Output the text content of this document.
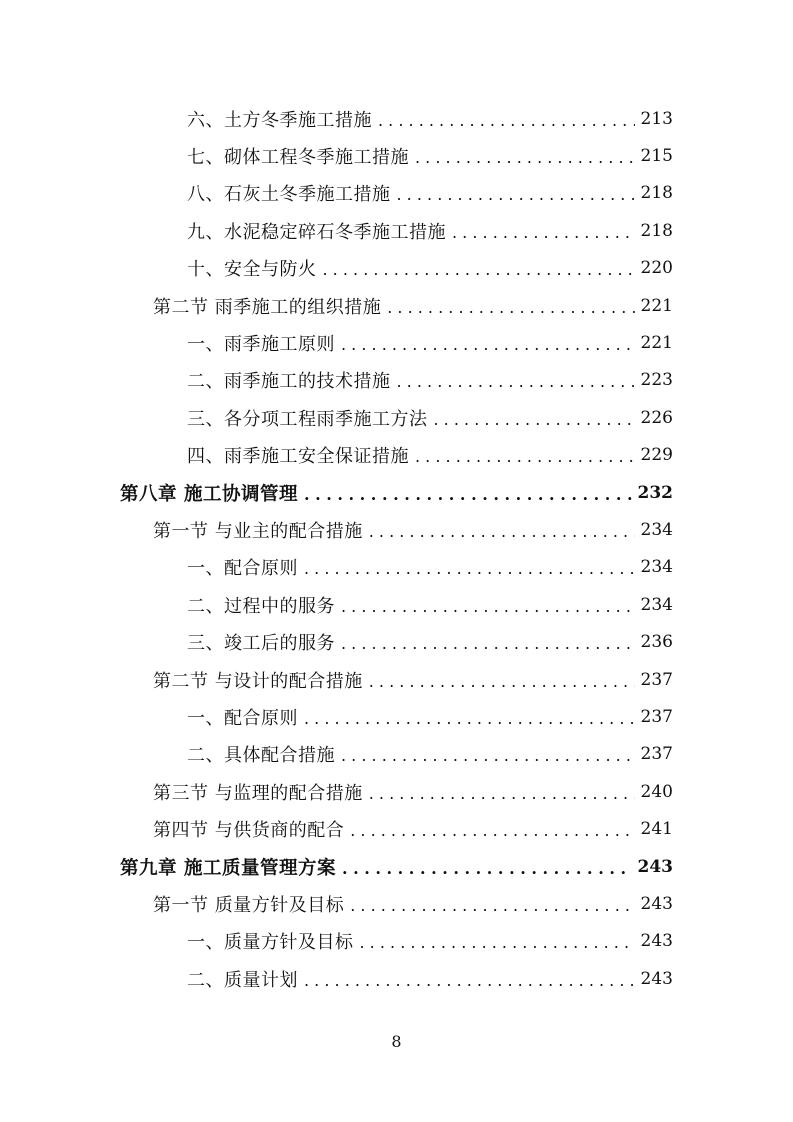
六、土方冬季施工措施 . . .	213
七、砌体工程冬季施工措施 . . .	215
八、石灰土冬季施工措施 . . .	218
九、水泥稳定碎石冬季施工措施 . . .	218
十、安全与防火 . . .	220
第二节 雨季施工的组织措施 . . .	221
一、雨季施工原则 . . .	221
二、雨季施工的技术措施 . . .	223
三、各分项工程雨季施工方法 . . .	226
四、雨季施工安全保证措施 . . .	229
第八章 施工协调管理 . . .	232
第一节 与业主的配合措施 . . .	234
一、配合原则 . . .	234
二、过程中的服务 . . .	234
三、竣工后的服务 . . .	236
第二节 与设计的配合措施 . . .	237
一、配合原则 . . .	237
二、具体配合措施 . . .	237
第三节 与监理的配合措施 . . .	240
第四节 与供货商的配合 . . .	241
第九章 施工质量管理方案 . . .	243
第一节 质量方针及目标 . . .	243
一、质量方针及目标 . . .	243
二、质量计划 . . .	243
8
